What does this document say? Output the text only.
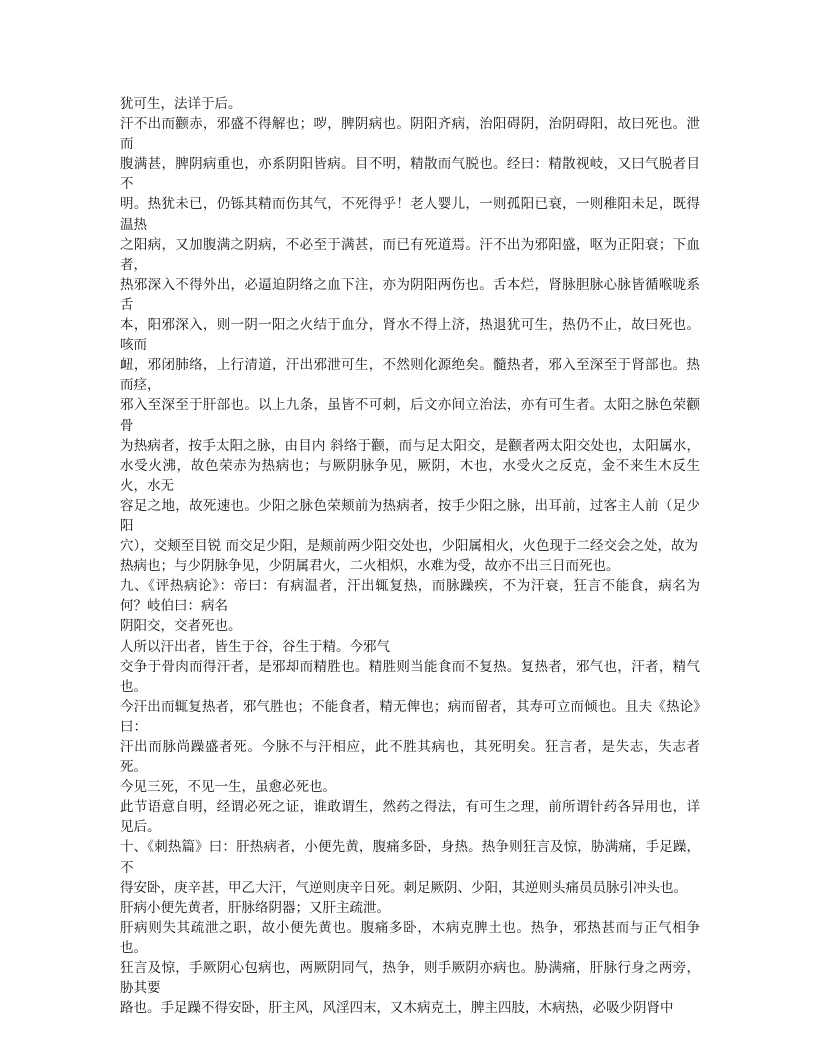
犹可生，法详于后。
汗不出而颧赤，邪盛不得解也；哕，脾阴病也。阴阳齐病，治阳碍阴，治阴碍阳，故曰死也。泄而
腹满甚，脾阴病重也，亦系阴阳皆病。目不明，精散而气脱也。经曰：精散视岐，又曰气脱者目不
明。热犹未已，仍铄其精而伤其气，不死得乎！老人婴儿，一则孤阳已衰，一则稚阳未足，既得温热
之阳病，又加腹满之阴病，不必至于满甚，而已有死道焉。汗不出为邪阳盛，呕为正阳衰；下血者，
热邪深入不得外出，必逼迫阴络之血下注，亦为阴阳两伤也。舌本烂，肾脉胆脉心脉皆循喉咙系舌
本，阳邪深入，则一阴一阳之火结于血分，肾水不得上济，热退犹可生，热仍不止，故曰死也。咳而
衄，邪闭肺络，上行清道，汗出邪泄可生，不然则化源绝矣。髓热者，邪入至深至于肾部也。热而痉，
邪入至深至于肝部也。以上九条，虽皆不可刺，后文亦间立治法，亦有可生者。太阳之脉色荣颧骨
为热病者，按手太阳之脉，由目内 斜络于颧，而与足太阳交，是颧者两太阳交处也，太阳属水，水受火沸，故色荣赤为热病也；与厥阴脉争见，厥阴，木也，水受火之反克，金不来生木反生火，水无
容足之地，故死速也。少阳之脉色荣颊前为热病者，按手少阳之脉，出耳前，过客主人前（足少阳
穴），交颊至目锐 而交足少阳，是颊前两少阳交处也，少阳属相火，火色现于二经交会之处，故为
热病也；与少阴脉争见，少阴属君火，二火相炽，水难为受，故亦不出三日而死也。
九、《评热病论》：帝曰：有病温者，汗出辄复热，而脉躁疾，不为汗衰，狂言不能食，病名为何？岐伯曰：病名
阴阳交，交者死也。
人所以汗出者，皆生于谷，谷生于精。今邪气
交争于骨肉而得汗者，是邪却而精胜也。精胜则当能食而不复热。复热者，邪气也，汗者，精气也。
今汗出而辄复热者，邪气胜也；不能食者，精无俾也；病而留者，其寿可立而倾也。且夫《热论》曰：
汗出而脉尚躁盛者死。今脉不与汗相应，此不胜其病也，其死明矣。狂言者，是失志，失志者死。
今见三死，不见一生，虽愈必死也。
此节语意自明，经谓必死之证，谁敢谓生，然药之得法，有可生之理，前所谓针药各异用也，详见后。
十、《刺热篇》曰：肝热病者，小便先黄，腹痛多卧，身热。热争则狂言及惊，胁满痛，手足躁，不
得安卧，庚辛甚，甲乙大汗，气逆则庚辛日死。刺足厥阴、少阳，其逆则头痛员员脉引冲头也。
肝病小便先黄者，肝脉络阴器；又肝主疏泄。
肝病则失其疏泄之职，故小便先黄也。腹痛多卧，木病克脾土也。热争，邪热甚而与正气相争也。
狂言及惊，手厥阴心包病也，两厥阴同气，热争，则手厥阴亦病也。胁满痛，肝脉行身之两旁，胁其要
路也。手足躁不得安卧，肝主风，风淫四末，又木病克土，脾主四肢，木病热，必吸少阴肾中
